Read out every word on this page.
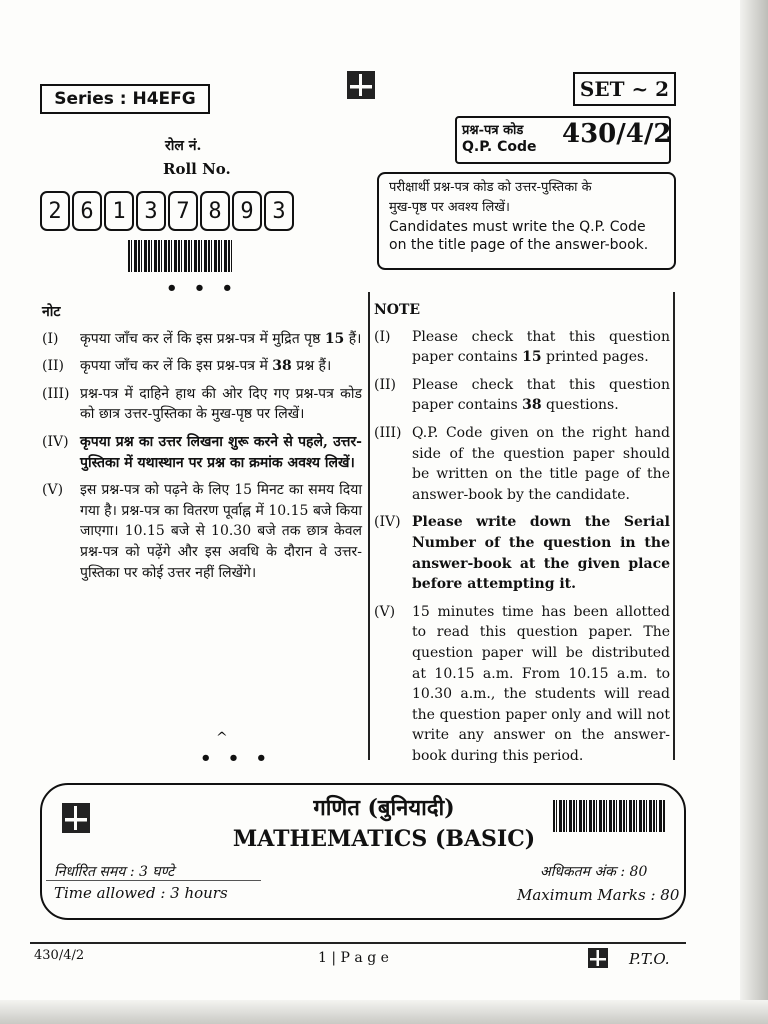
Series : H4EFG	SET ~ 2
रोल नं.
Roll No.
2 6 1 3 7 8 9 3
• • •
प्रश्न-पत्र कोड
Q.P. Code 430/4/2
परीक्षार्थी प्रश्न-पत्र कोड को उत्तर-पुस्तिका के
मुख-पृष्ठ पर अवश्य लिखें।
Candidates must write the Q.P. Code
on the title page of the answer-book.
नोट
(I)	कृपया जाँच कर लें कि इस प्रश्न-पत्र में मुद्रित पृष्ठ 15 हैं।
(II)	कृपया जाँच कर लें कि इस प्रश्न-पत्र में 38 प्रश्न हैं।
(III) प्रश्न-पत्र में दाहिने हाथ की ओर दिए गए प्रश्न-पत्र कोड को छात्र उत्तर-पुस्तिका के मुख-पृष्ठ पर लिखें।
(IV) कृपया प्रश्न का उत्तर लिखना शुरू करने से पहले, उत्तर-पुस्तिका में यथास्थान पर प्रश्न का क्रमांक अवश्य लिखें।
(V)	इस प्रश्न-पत्र को पढ़ने के लिए 15 मिनट का समय दिया गया है। प्रश्न-पत्र का वितरण पूर्वाह्न में 10.15 बजे किया जाएगा। 10.15 बजे से 10.30 बजे तक छात्र केवल प्रश्न-पत्र को पढ़ेंगे और इस अवधि के दौरान वे उत्तर-पुस्तिका पर कोई उत्तर नहीं लिखेंगे।
^
• • •
NOTE
(I)	Please check that this question paper contains 15 printed pages.
(II)	Please check that this question paper contains 38 questions.
(III) Q.P. Code given on the right hand side of the question paper should be written on the title page of the answer-book by the candidate.
(IV) Please write down the Serial Number of the question in the answer-book at the given place before attempting it.
(V)	15 minutes time has been allotted to read this question paper. The question paper will be distributed at 10.15 a.m. From 10.15 a.m. to 10.30 a.m., the students will read the question paper only and will not write any answer on the answer-book during this period.
गणित (बुनियादी)
MATHEMATICS (BASIC)
निर्धारित समय : 3 घण्टे
Time allowed : 3 hours
अधिकतम अंक : 80
Maximum Marks : 80
430/4/2	1 | P a g e	P.T.O.
